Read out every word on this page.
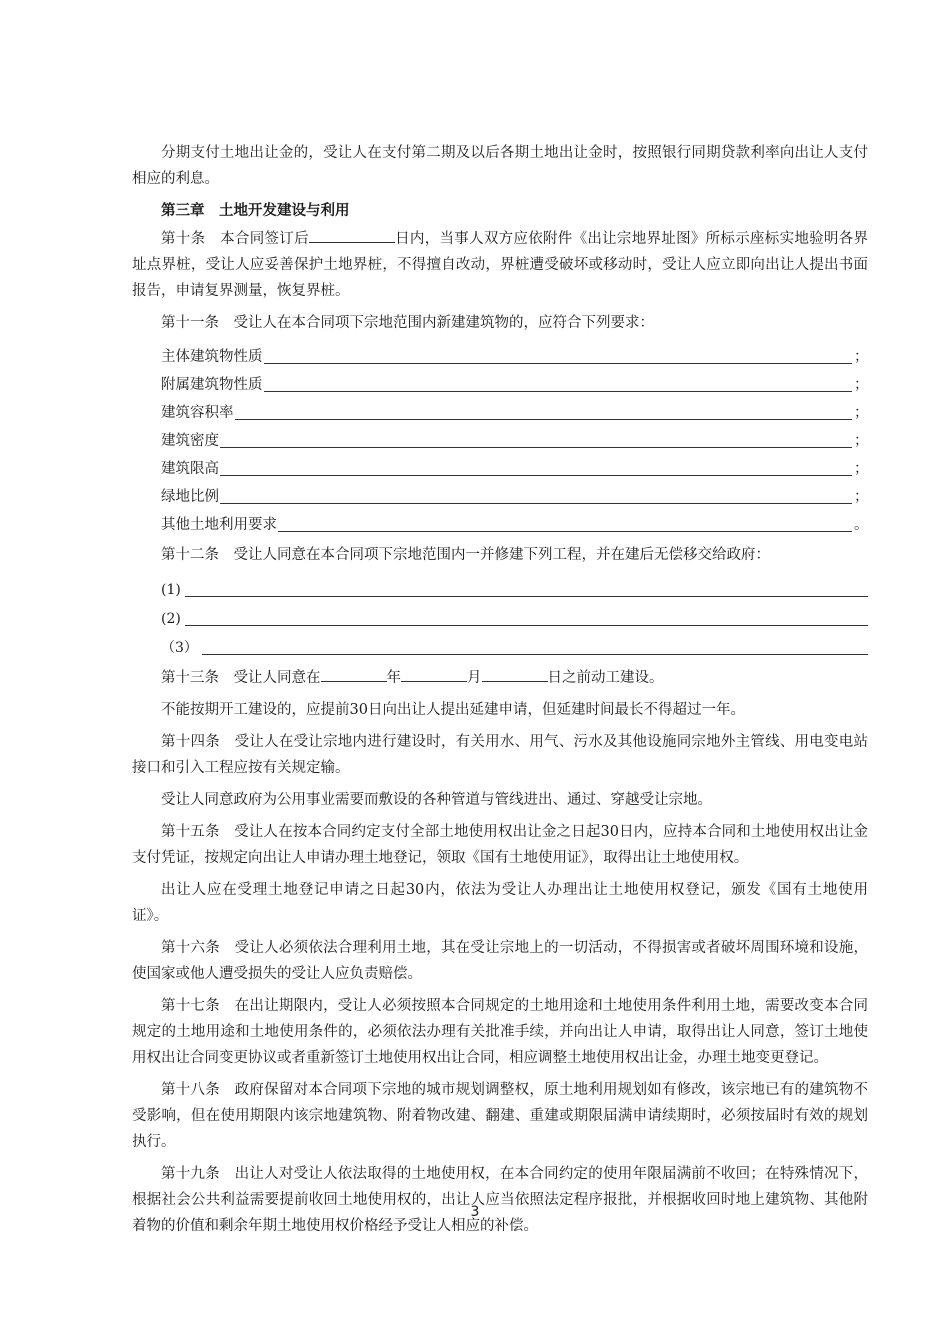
分期支付土地出让金的，受让人在支付第二期及以后各期土地出让金时，按照银行同期贷款利率向出让人支付相应的利息。

第三章　土地开发建设与利用

第十条　本合同签订后	日内，当事人双方应依附件《出让宗地界址图》所标示座标实地验明各界址点界桩，受让人应妥善保护土地界桩，不得擅自改动，界桩遭受破坏或移动时，受让人应立即向出让人提出书面报告，申请复界测量，恢复界桩。

第十一条　受让人在本合同项下宗地范围内新建建筑物的，应符合下列要求：

主体建筑物性质	；
附属建筑物性质	；
建筑容积率	；
建筑密度	；
建筑限高	；
绿地比例	；
其他土地利用要求	。

第十二条　受让人同意在本合同项下宗地范围内一并修建下列工程，并在建后无偿移交给政府：

(1)
(2)
（3）

第十三条　受让人同意在	年	月	日之前动工建设。

不能按期开工建设的，应提前30日向出让人提出延建申请，但延建时间最长不得超过一年。

第十四条　受让人在受让宗地内进行建设时，有关用水、用气、污水及其他设施同宗地外主管线、用电变电站接口和引入工程应按有关规定输。

受让人同意政府为公用事业需要而敷设的各种管道与管线进出、通过、穿越受让宗地。

第十五条　受让人在按本合同约定支付全部土地使用权出让金之日起30日内，应持本合同和土地使用权出让金支付凭证，按规定向出让人申请办理土地登记，领取《国有土地使用证》，取得出让土地使用权。

出让人应在受理土地登记申请之日起30内，依法为受让人办理出让土地使用权登记，颁发《国有土地使用证》。

第十六条　受让人必须依法合理利用土地，其在受让宗地上的一切活动，不得损害或者破坏周围环境和设施，使国家或他人遭受损失的受让人应负责赔偿。

第十七条　在出让期限内，受让人必须按照本合同规定的土地用途和土地使用条件利用土地，需要改变本合同规定的土地用途和土地使用条件的，必须依法办理有关批准手续，并向出让人申请，取得出让人同意，签订土地使用权出让合同变更协议或者重新签订土地使用权出让合同，相应调整土地使用权出让金，办理土地变更登记。

第十八条　政府保留对本合同项下宗地的城市规划调整权，原土地利用规划如有修改，该宗地已有的建筑物不受影响，但在使用期限内该宗地建筑物、附着物改建、翻建、重建或期限届满申请续期时，必须按届时有效的规划执行。

第十九条　出让人对受让人依法取得的土地使用权，在本合同约定的使用年限届满前不收回；在特殊情况下，根据社会公共利益需要提前收回土地使用权的，出让人应当依照法定程序报批，并根据收回时地上建筑物、其他附着物的价值和剩余年期土地使用权价格经予受让人相应的补偿。

3
